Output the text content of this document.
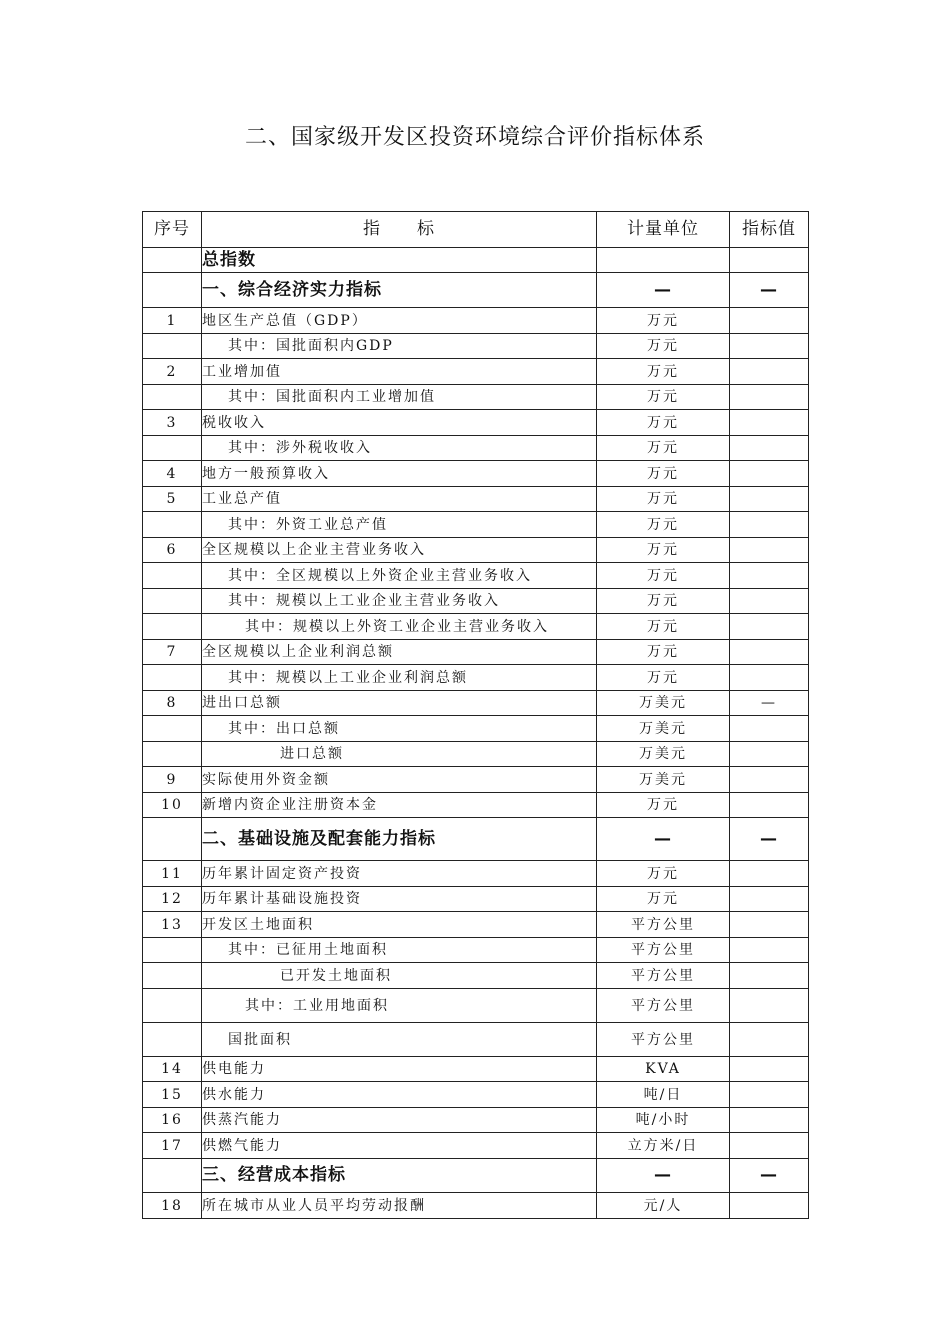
二、国家级开发区投资环境综合评价指标体系
序号	指　　标	计量单位	指标值
	总指数		
	一、综合经济实力指标	—	—
1	地区生产总值（GDP）	万元	
	其中：国批面积内GDP	万元	
2	工业增加值	万元	
	其中：国批面积内工业增加值	万元	
3	税收收入	万元	
	其中：涉外税收收入	万元	
4	地方一般预算收入	万元	
5	工业总产值	万元	
	其中：外资工业总产值	万元	
6	全区规模以上企业主营业务收入	万元	
	其中：全区规模以上外资企业主营业务收入	万元	
	其中：规模以上工业企业主营业务收入	万元	
	其中：规模以上外资工业企业主营业务收入	万元	
7	全区规模以上企业利润总额	万元	
	其中：规模以上工业企业利润总额	万元	
8	进出口总额	万美元	—
	其中：出口总额	万美元	
	进口总额	万美元	
9	实际使用外资金额	万美元	
10	新增内资企业注册资本金	万元	
	二、基础设施及配套能力指标	—	—
11	历年累计固定资产投资	万元	
12	历年累计基础设施投资	万元	
13	开发区土地面积	平方公里	
	其中：已征用土地面积	平方公里	
	已开发土地面积	平方公里	
	其中：工业用地面积	平方公里	
	国批面积	平方公里	
14	供电能力	KVA	
15	供水能力	吨/日	
16	供蒸汽能力	吨/小时	
17	供燃气能力	立方米/日	
	三、经营成本指标	—	—
18	所在城市从业人员平均劳动报酬	元/人	
